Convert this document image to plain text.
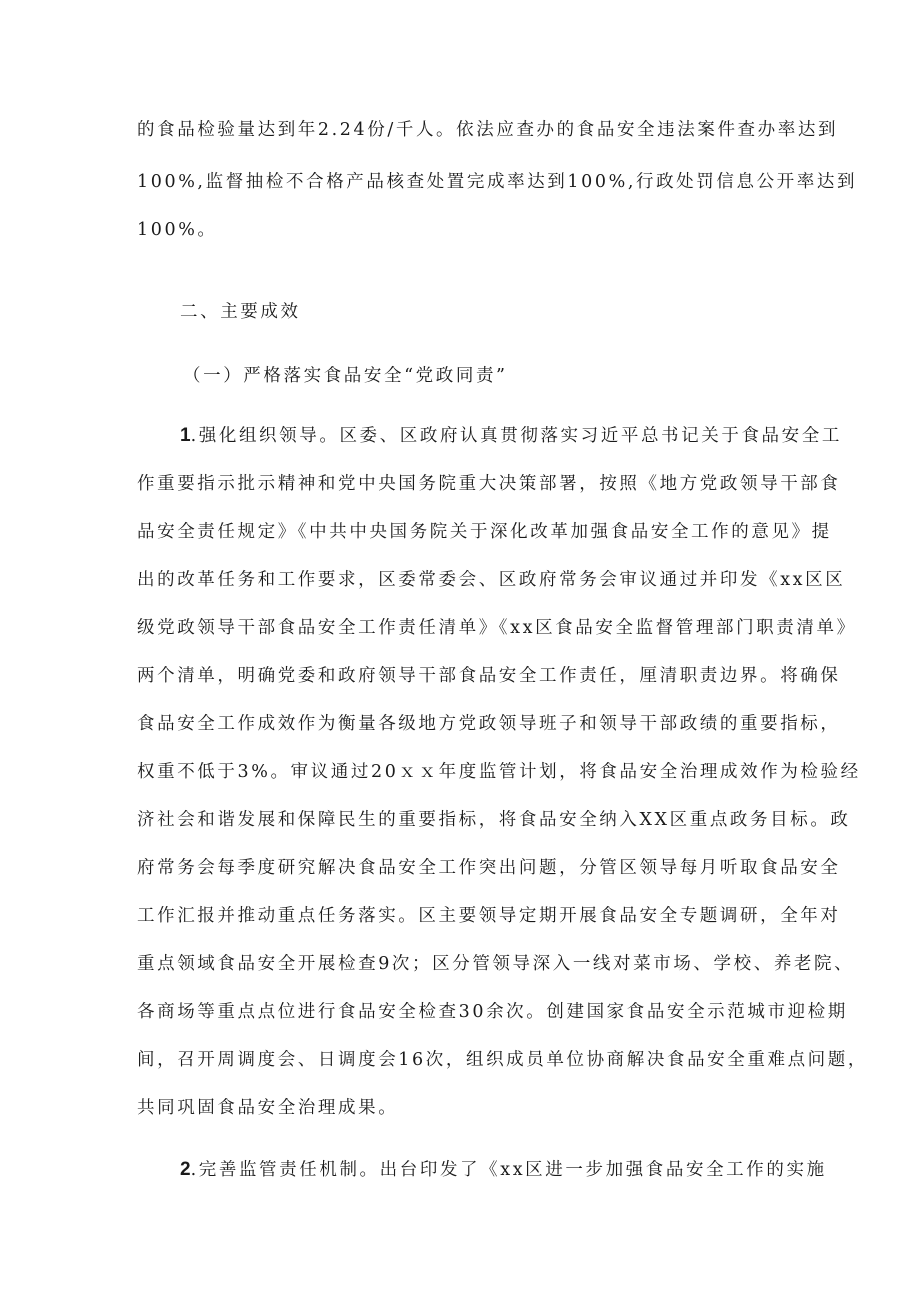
的食品检验量达到年2.24份/千人。依法应查办的食品安全违法案件查办率达到
100%,监督抽检不合格产品核查处置完成率达到100%,行政处罚信息公开率达到
100%。
二、主要成效
（一）严格落实食品安全“党政同责”
1.强化组织领导。区委、区政府认真贯彻落实习近平总书记关于食品安全工
作重要指示批示精神和党中央国务院重大决策部署，按照《地方党政领导干部食
品安全责任规定》《中共中央国务院关于深化改革加强食品安全工作的意见》提
出的改革任务和工作要求，区委常委会、区政府常务会审议通过并印发《xx区区
级党政领导干部食品安全工作责任清单》《xx区食品安全监督管理部门职责清单》
两个清单，明确党委和政府领导干部食品安全工作责任，厘清职责边界。将确保
食品安全工作成效作为衡量各级地方党政领导班子和领导干部政绩的重要指标，
权重不低于3%。审议通过20ｘｘ年度监管计划，将食品安全治理成效作为检验经
济社会和谐发展和保障民生的重要指标，将食品安全纳入XX区重点政务目标。政
府常务会每季度研究解决食品安全工作突出问题，分管区领导每月听取食品安全
工作汇报并推动重点任务落实。区主要领导定期开展食品安全专题调研，全年对
重点领域食品安全开展检查9次；区分管领导深入一线对菜市场、学校、养老院、
各商场等重点点位进行食品安全检查30余次。创建国家食品安全示范城市迎检期
间，召开周调度会、日调度会16次，组织成员单位协商解决食品安全重难点问题，
共同巩固食品安全治理成果。
2.完善监管责任机制。出台印发了《xx区进一步加强食品安全工作的实施
